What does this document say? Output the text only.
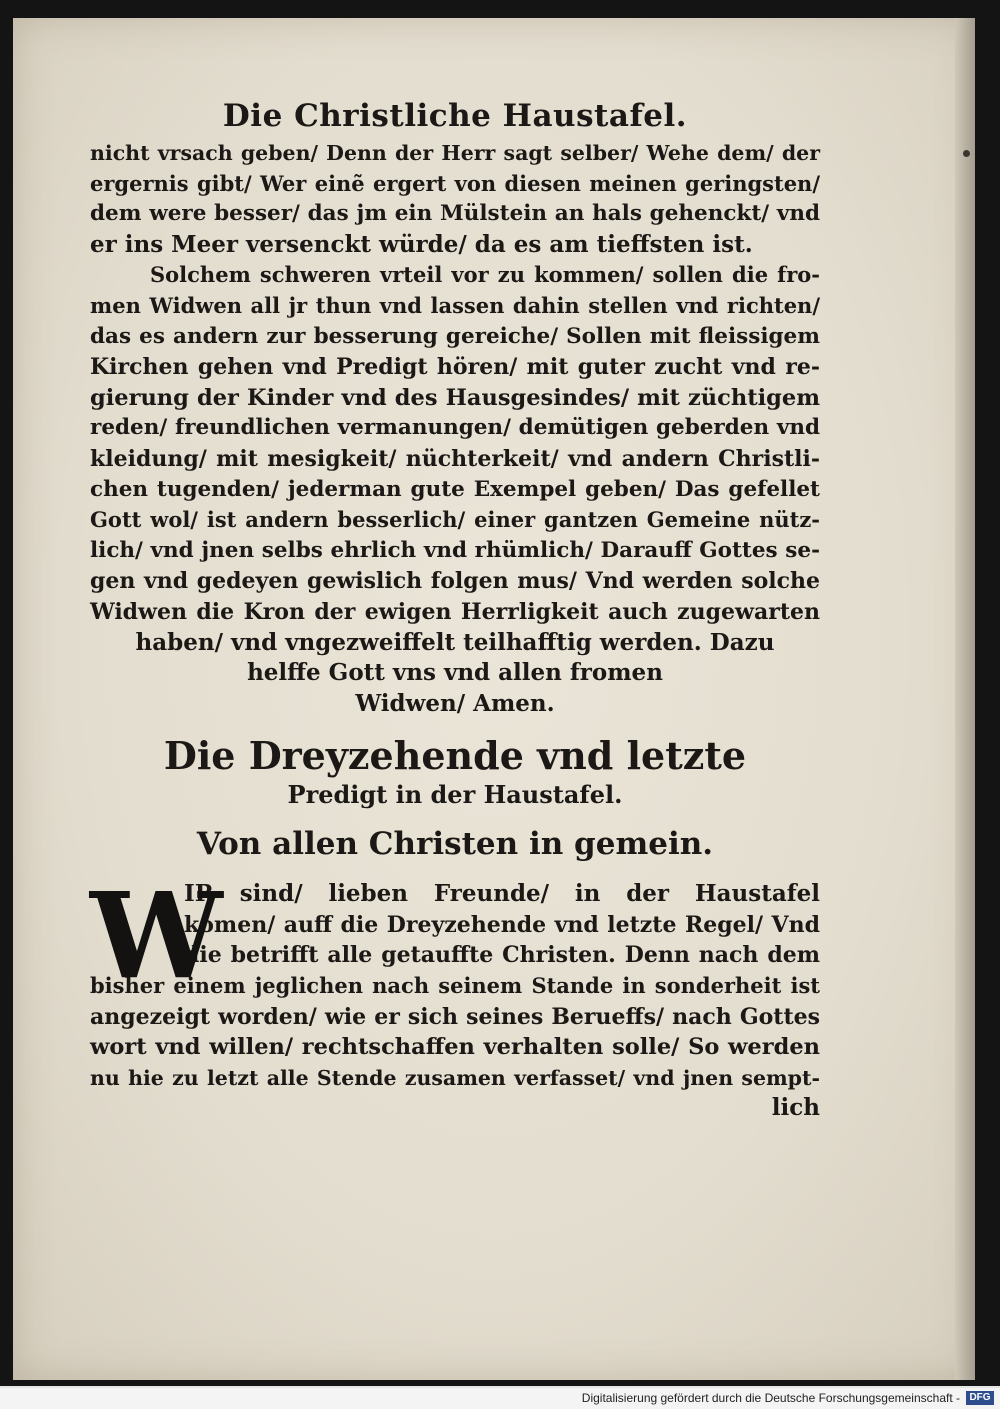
Die Christliche Haustafel.
nicht vrsach geben/ Denn der Herr sagt selber/ Wehe dem/ der
ergernis gibt/ Wer einẽ ergert von diesen meinen geringsten/
dem were besser/ das jm ein Mülstein an hals gehenckt/ vnd
er ins Meer versenckt würde/ da es am tieffsten ist.
Solchem schweren vrteil vor zu kommen/ sollen die fro-
men Widwen all jr thun vnd lassen dahin stellen vnd richten/
das es andern zur besserung gereiche/ Sollen mit fleissigem
Kirchen gehen vnd Predigt hören/ mit guter zucht vnd re-
gierung der Kinder vnd des Hausgesindes/ mit züchtigem
reden/ freundlichen vermanungen/ demütigen geberden vnd
kleidung/ mit mesigkeit/ nüchterkeit/ vnd andern Christli-
chen tugenden/ jederman gute Exempel geben/ Das gefellet
Gott wol/ ist andern besserlich/ einer gantzen Gemeine nütz-
lich/ vnd jnen selbs ehrlich vnd rhümlich/ Darauff Gottes se-
gen vnd gedeyen gewislich folgen mus/ Vnd werden solche
Widwen die Kron der ewigen Herrligkeit auch zugewarten
haben/ vnd vngezweiffelt teilhafftig werden. Dazu
helffe Gott vns vnd allen fromen
Widwen/ Amen.
Die Dreyzehende vnd letzte
Predigt in der Haustafel.
Von allen Christen in gemein.
W
IR sind/ lieben Freunde/ in der Haustafel
komen/ auff die Dreyzehende vnd letzte Regel/ Vnd
die betrifft alle getauffte Christen. Denn nach dem
bisher einem jeglichen nach seinem Stande in sonderheit ist
angezeigt worden/ wie er sich seines Berueffs/ nach Gottes
wort vnd willen/ rechtschaffen verhalten solle/ So werden
nu hie zu letzt alle Stende zusamen verfasset/ vnd jnen sempt-
lich
Digitalisierung gefördert durch die Deutsche Forschungsgemeinschaft - DFG
